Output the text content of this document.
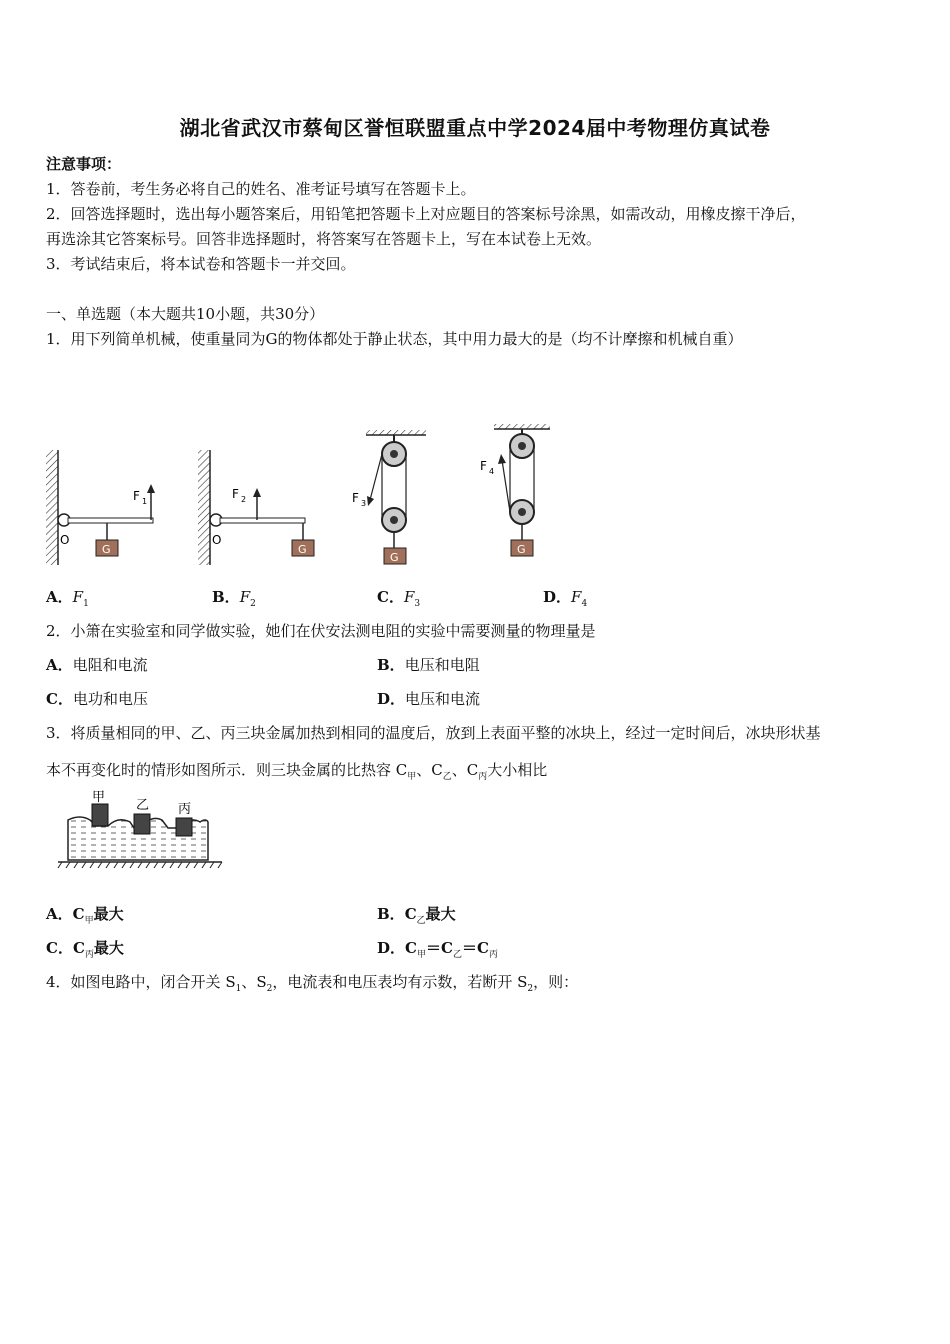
湖北省武汉市蔡甸区誉恒联盟重点中学2024届中考物理仿真试卷
注意事项：
1．答卷前，考生务必将自己的姓名、准考证号填写在答题卡上。
2．回答选择题时，选出每小题答案后，用铅笔把答题卡上对应题目的答案标号涂黑，如需改动，用橡皮擦干净后，
再选涂其它答案标号。回答非选择题时，将答案写在答题卡上，写在本试卷上无效。
3．考试结束后，将本试卷和答题卡一并交回。
一、单选题（本大题共10小题，共30分）
1．用下列简单机械，使重量同为G的物体都处于静止状态，其中用力最大的是（均不计摩擦和机械自重）
F 1
G
O
F 2
G
O
F 3
G
F 4
G
A．$F_1$	B．$F_2$	C．$F_3$	D．$F_4$
2．小箫在实验室和同学做实验，她们在伏安法测电阻的实验中需要测量的物理量是
A．电阻和电流	B．电压和电阻
C．电功和电压	D．电压和电流
3．将质量相同的甲、乙、丙三块金属加热到相同的温度后，放到上表面平整的冰块上，经过一定时间后，冰块形状基
本不再变化时的情形如图所示．则三块金属的比热容 $C_甲$、$C_乙$、$C_丙$大小相比
甲
乙 丙
A．$C_甲$最大	B．$C_乙$最大
C．$C_丙$最大	D．$C_甲=C_乙=C_丙$
4．如图电路中，闭合开关 $S_1$、$S_2$，电流表和电压表均有示数，若断开 $S_2$，则：
